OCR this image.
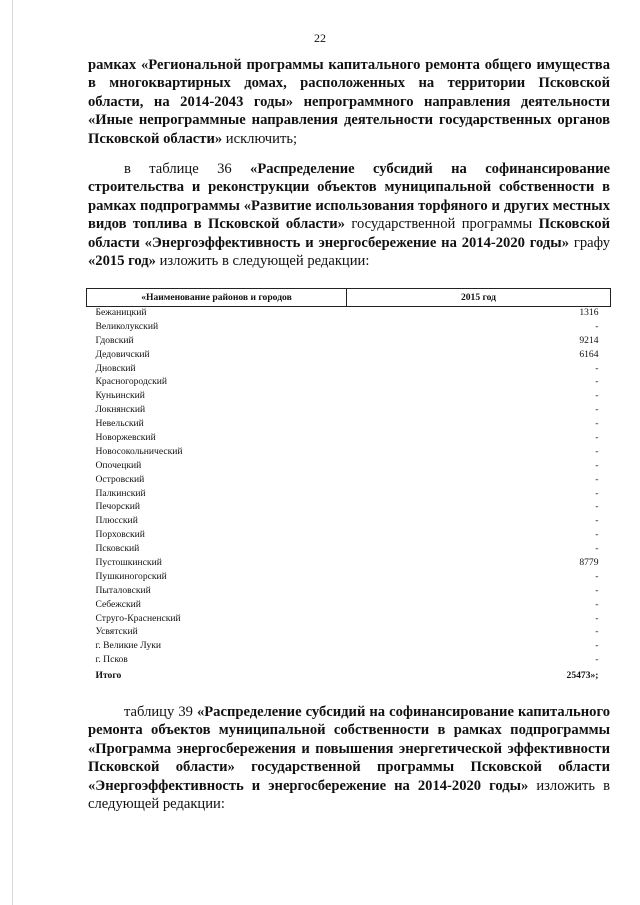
22

рамках «Региональной программы капитального ремонта общего имущества в многоквартирных домах, расположенных на территории Псковской области, на 2014-2043 годы» непрограммного направления деятельности «Иные непрограммные направления деятельности государственных органов Псковской области» исключить;

в таблице 36 «Распределение субсидий на софинансирование строительства и реконструкции объектов муниципальной собственности в рамках подпрограммы «Развитие использования торфяного и других местных видов топлива в Псковской области» государственной программы Псковской области «Энергоэффективность и энергосбережение на 2014-2020 годы» графу «2015 год» изложить в следующей редакции:

«Наименование районов и городов	2015 год
Бежаницкий	1316
Великолукский	-
Гдовский	9214
Дедовичский	6164
Дновский	-
Красногородский	-
Куньинский	-
Локнянский	-
Невельский	-
Новоржевский	-
Новосокольнический	-
Опочецкий	-
Островский	-
Палкинский	-
Печорский	-
Плюсский	-
Порховский	-
Псковский	-
Пустошкинский	8779
Пушкиногорский	-
Пыталовский	-
Себежский	-
Струго-Красненский	-
Усвятский	-
г. Великие Луки	-
г. Псков	-
Итого	25473»;

таблицу 39 «Распределение субсидий на софинансирование капитального ремонта объектов муниципальной собственности в рамках подпрограммы «Программа энергосбережения и повышения энергетической эффективности Псковской области» государственной программы Псковской области «Энергоэффективность и энергосбережение на 2014-2020 годы» изложить в следующей редакции:
